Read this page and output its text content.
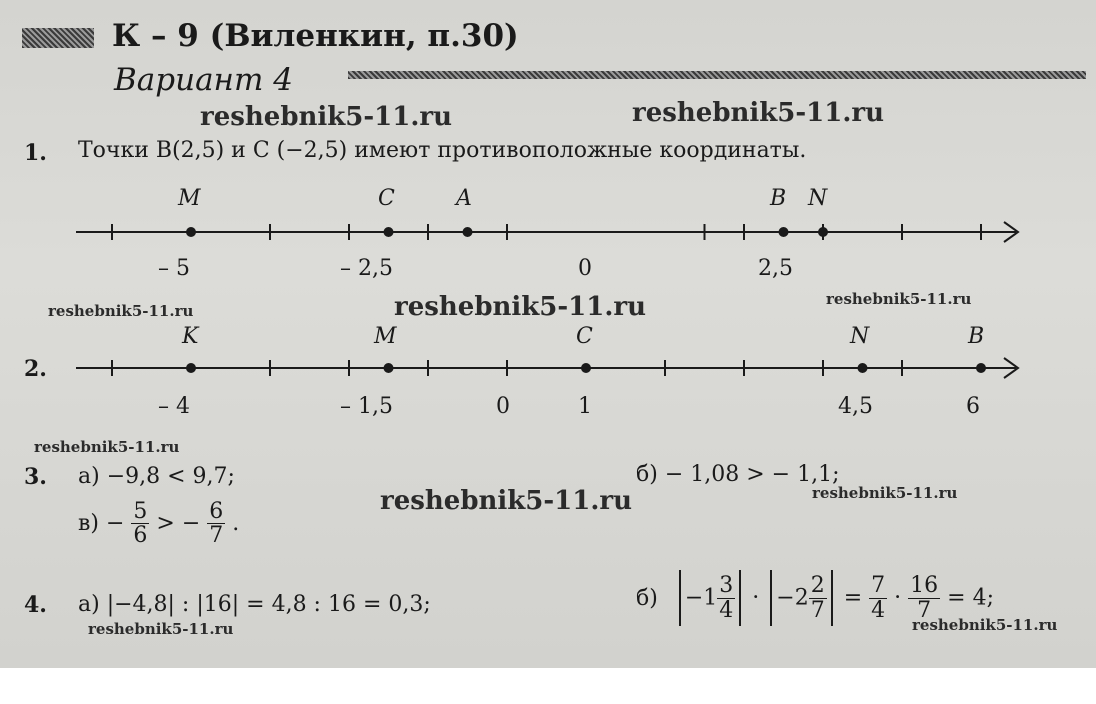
К – 9 (Виленкин, п.30)
Вариант 4
reshebnik5-11.ru	reshebnik5-11.ru
reshebnik5-11.ru	reshebnik5-11.ru	reshebnik5-11.ru
reshebnik5-11.ru
reshebnik5-11.ru	reshebnik5-11.ru
reshebnik5-11.ru	reshebnik5-11.ru
1. Точки B(2,5) и C (−2,5) имеют противоположные координаты.
M	C	A	B N
– 5	– 2,5	0	2,5
2.
K	M	C	N	B
– 4	– 1,5	0	1	4,5	6
3. а) −9,8 < 9,7;	б) − 1,08 > − 1,1;
$в) - \frac{5}{6}$ > − $\frac{6}{7}$ .
4. а) |−4,8| : |16| = 4,8 : 16 = 0,3;	$б) -1 \frac{3}{4} \cdot -2 \frac{2}{7} = \frac{7}{4} \cdot \frac{16}{7} = 4$;
